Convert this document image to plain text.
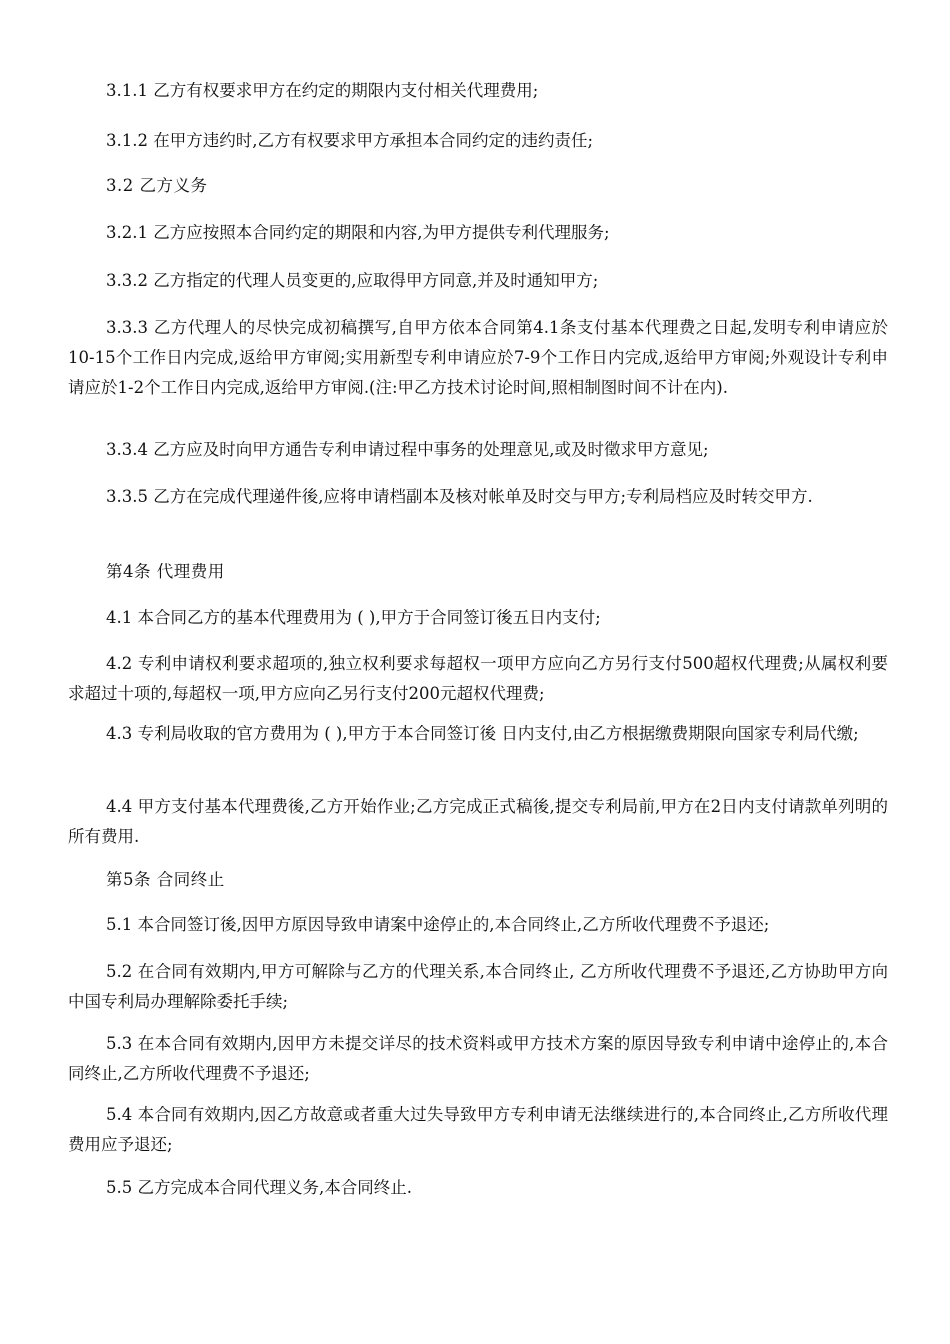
3.1.1 乙方有权要求甲方在约定的期限内支付相关代理费用;

3.1.2 在甲方违约时,乙方有权要求甲方承担本合同约定的违约责任;

3.2 乙方义务

3.2.1 乙方应按照本合同约定的期限和内容,为甲方提供专利代理服务;

3.3.2 乙方指定的代理人员变更的,应取得甲方同意,并及时通知甲方;

3.3.3 乙方代理人的尽快完成初稿撰写,自甲方依本合同第4.1条支付基本代理费之日起,发明专利申请应於10-15个工作日内完成,返给甲方审阅;实用新型专利申请应於7-9个工作日内完成,返给甲方审阅;外观设计专利申请应於1-2个工作日内完成,返给甲方审阅.(注:甲乙方技术讨论时间,照相制图时间不计在内).

3.3.4 乙方应及时向甲方通告专利申请过程中事务的处理意见,或及时徵求甲方意见;

3.3.5 乙方在完成代理递件後,应将申请档副本及核对帐单及时交与甲方;专利局档应及时转交甲方.

第4条 代理费用

4.1 本合同乙方的基本代理费用为 ( ),甲方于合同签订後五日内支付;

4.2 专利申请权利要求超项的,独立权利要求每超权一项甲方应向乙方另行支付500超权代理费;从属权利要求超过十项的,每超权一项,甲方应向乙另行支付200元超权代理费;

4.3 专利局收取的官方费用为 ( ),甲方于本合同签订後 日内支付,由乙方根据缴费期限向国家专利局代缴;

4.4 甲方支付基本代理费後,乙方开始作业;乙方完成正式稿後,提交专利局前,甲方在2日内支付请款单列明的所有费用.

第5条 合同终止

5.1 本合同签订後,因甲方原因导致申请案中途停止的,本合同终止,乙方所收代理费不予退还;

5.2 在合同有效期内,甲方可解除与乙方的代理关系,本合同终止, 乙方所收代理费不予退还,乙方协助甲方向中国专利局办理解除委托手续;

5.3 在本合同有效期内,因甲方未提交详尽的技术资料或甲方技术方案的原因导致专利申请中途停止的,本合同终止,乙方所收代理费不予退还;

5.4 本合同有效期内,因乙方故意或者重大过失导致甲方专利申请无法继续进行的,本合同终止,乙方所收代理费用应予退还;

5.5 乙方完成本合同代理义务,本合同终止.
